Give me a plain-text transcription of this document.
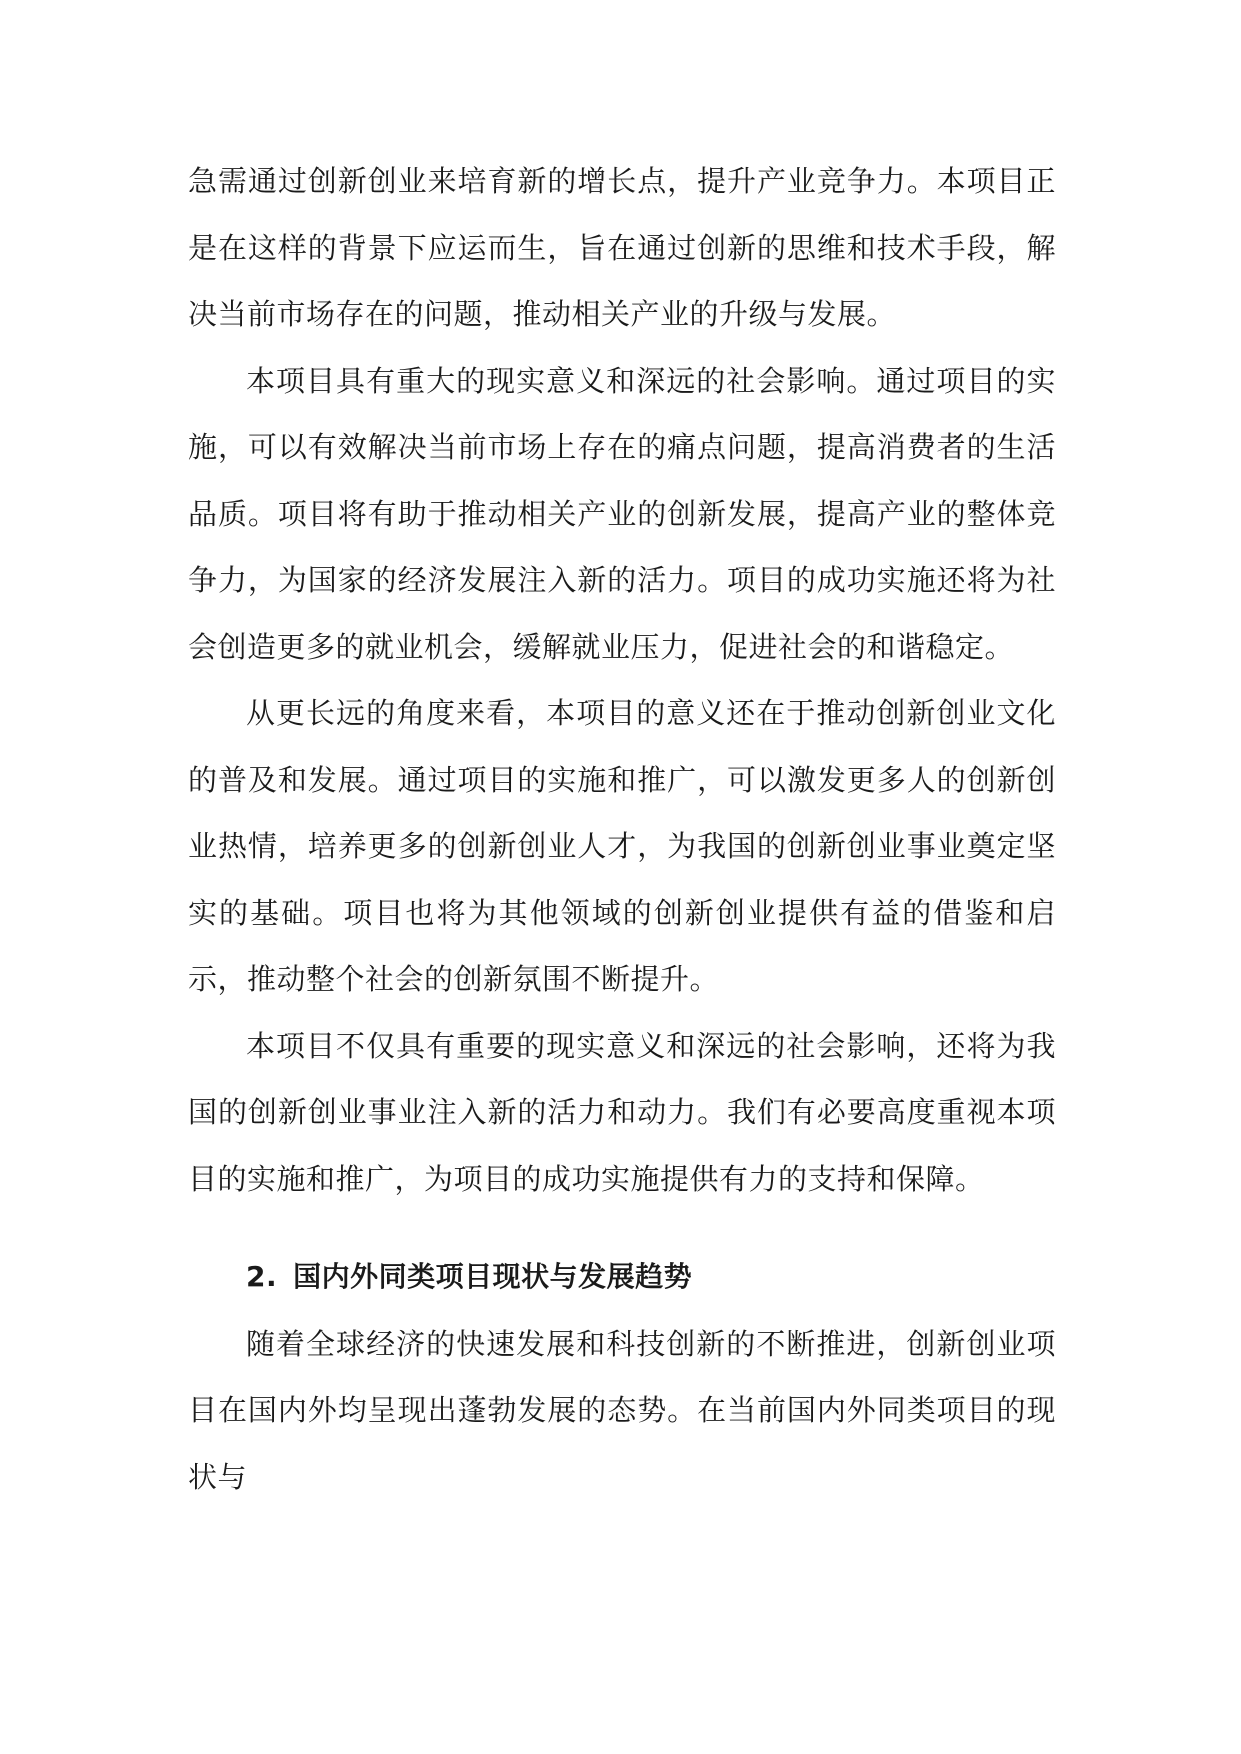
急需通过创新创业来培育新的增长点，提升产业竞争力。本项目正是在这样的背景下应运而生，旨在通过创新的思维和技术手段，解决当前市场存在的问题，推动相关产业的升级与发展。

本项目具有重大的现实意义和深远的社会影响。通过项目的实施，可以有效解决当前市场上存在的痛点问题，提高消费者的生活品质。项目将有助于推动相关产业的创新发展，提高产业的整体竞争力，为国家的经济发展注入新的活力。项目的成功实施还将为社会创造更多的就业机会，缓解就业压力，促进社会的和谐稳定。

从更长远的角度来看，本项目的意义还在于推动创新创业文化的普及和发展。通过项目的实施和推广，可以激发更多人的创新创业热情，培养更多的创新创业人才，为我国的创新创业事业奠定坚实的基础。项目也将为其他领域的创新创业提供有益的借鉴和启示，推动整个社会的创新氛围不断提升。

本项目不仅具有重要的现实意义和深远的社会影响，还将为我国的创新创业事业注入新的活力和动力。我们有必要高度重视本项目的实施和推广，为项目的成功实施提供有力的支持和保障。

2. 国内外同类项目现状与发展趋势

随着全球经济的快速发展和科技创新的不断推进，创新创业项目在国内外均呈现出蓬勃发展的态势。在当前国内外同类项目的现状与
